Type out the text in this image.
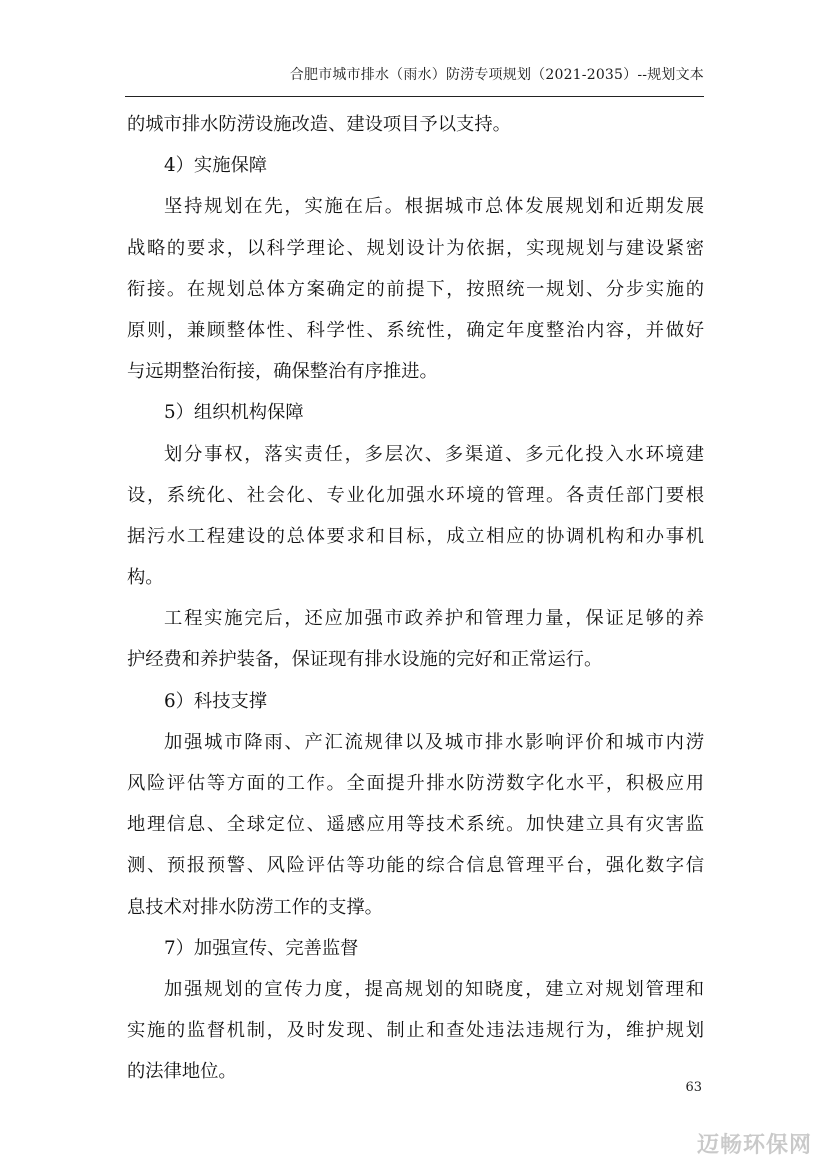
合肥市城市排水（雨水）防涝专项规划（2021-2035）--规划文本
的城市排水防涝设施改造、建设项目予以支持。
4）实施保障
坚持规划在先，实施在后。根据城市总体发展规划和近期发展
战略的要求，以科学理论、规划设计为依据，实现规划与建设紧密
衔接。在规划总体方案确定的前提下，按照统一规划、分步实施的
原则，兼顾整体性、科学性、系统性，确定年度整治内容，并做好
与远期整治衔接，确保整治有序推进。
5）组织机构保障
划分事权，落实责任，多层次、多渠道、多元化投入水环境建
设，系统化、社会化、专业化加强水环境的管理。各责任部门要根
据污水工程建设的总体要求和目标，成立相应的协调机构和办事机
构。
工程实施完后，还应加强市政养护和管理力量，保证足够的养
护经费和养护装备，保证现有排水设施的完好和正常运行。
6）科技支撑
加强城市降雨、产汇流规律以及城市排水影响评价和城市内涝
风险评估等方面的工作。全面提升排水防涝数字化水平，积极应用
地理信息、全球定位、遥感应用等技术系统。加快建立具有灾害监
测、预报预警、风险评估等功能的综合信息管理平台，强化数字信
息技术对排水防涝工作的支撑。
7）加强宣传、完善监督
加强规划的宣传力度，提高规划的知晓度，建立对规划管理和
实施的监督机制，及时发现、制止和查处违法违规行为，维护规划
的法律地位。
63
迈畅环保网
